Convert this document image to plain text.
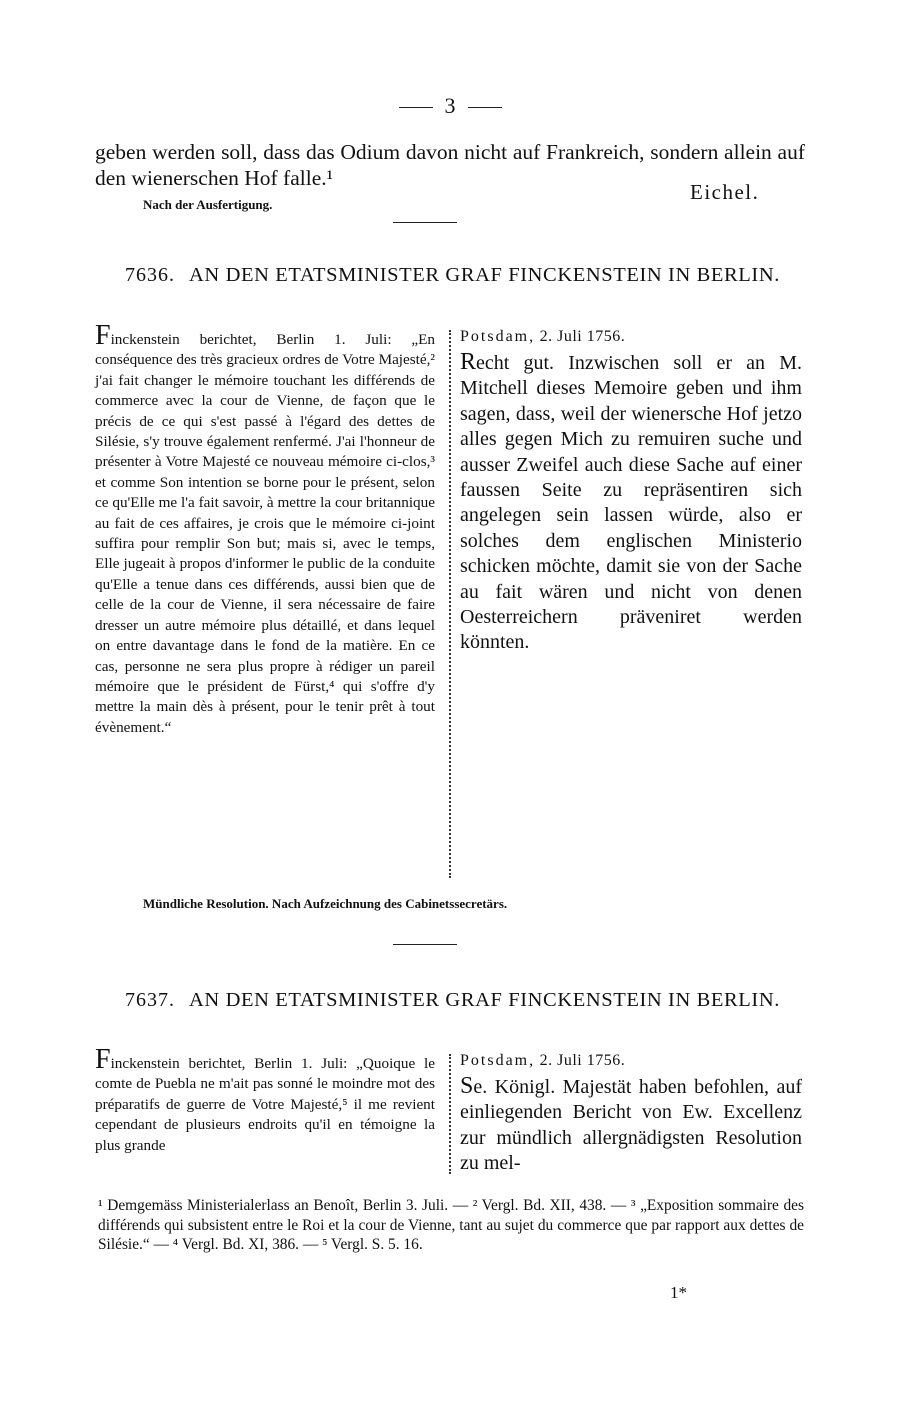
3
geben werden soll, dass das Odium davon nicht auf Frankreich, sondern allein auf den wienerschen Hof falle.¹
Eichel.
Nach der Ausfertigung.
7636. AN DEN ETATSMINISTER GRAF FINCKENSTEIN IN BERLIN.
Finckenstein berichtet, Berlin 1. Juli: „En conséquence des très gracieux ordres de Votre Majesté,² j'ai fait changer le mémoire touchant les différends de commerce avec la cour de Vienne, de façon que le précis de ce qui s'est passé à l'égard des dettes de Silésie, s'y trouve également renfermé. J'ai l'honneur de présenter à Votre Majesté ce nouveau mémoire ci-clos,³ et comme Son intention se borne pour le présent, selon ce qu'Elle me l'a fait savoir, à mettre la cour britannique au fait de ces affaires, je crois que le mémoire ci-joint suffira pour remplir Son but; mais si, avec le temps, Elle jugeait à propos d'informer le public de la conduite qu'Elle a tenue dans ces différends, aussi bien que de celle de la cour de Vienne, il sera nécessaire de faire dresser un autre mémoire plus détaillé, et dans lequel on entre davantage dans le fond de la matière. En ce cas, personne ne sera plus propre à rédiger un pareil mémoire que le président de Fürst,⁴ qui s'offre d'y mettre la main dès à présent, pour le tenir prêt à tout évènement.“
Potsdam, 2. Juli 1756.
Recht gut. Inzwischen soll er an M. Mitchell dieses Memoire geben und ihm sagen, dass, weil der wienersche Hof jetzo alles gegen Mich zu remuiren suche und ausser Zweifel auch diese Sache auf einer faussen Seite zu repräsentiren sich angelegen sein lassen würde, also er solches dem englischen Ministerio schicken möchte, damit sie von der Sache au fait wären und nicht von denen Oesterreichern präveniret werden könnten.
Mündliche Resolution. Nach Aufzeichnung des Cabinetssecretärs.
7637. AN DEN ETATSMINISTER GRAF FINCKENSTEIN IN BERLIN.
Finckenstein berichtet, Berlin 1. Juli: „Quoique le comte de Puebla ne m'ait pas sonné le moindre mot des préparatifs de guerre de Votre Majesté,⁵ il me revient cependant de plusieurs endroits qu'il en témoigne la plus grande
Potsdam, 2. Juli 1756.
Se. Königl. Majestät haben befohlen, auf einliegenden Bericht von Ew. Excellenz zur mündlich allergnädigsten Resolution zu mel-
¹ Demgemäss Ministerialerlass an Benoît, Berlin 3. Juli. — ² Vergl. Bd. XII, 438. — ³ „Exposition sommaire des différends qui subsistent entre le Roi et la cour de Vienne, tant au sujet du commerce que par rapport aux dettes de Silésie.“ — ⁴ Vergl. Bd. XI, 386. — ⁵ Vergl. S. 5. 16.
1*
